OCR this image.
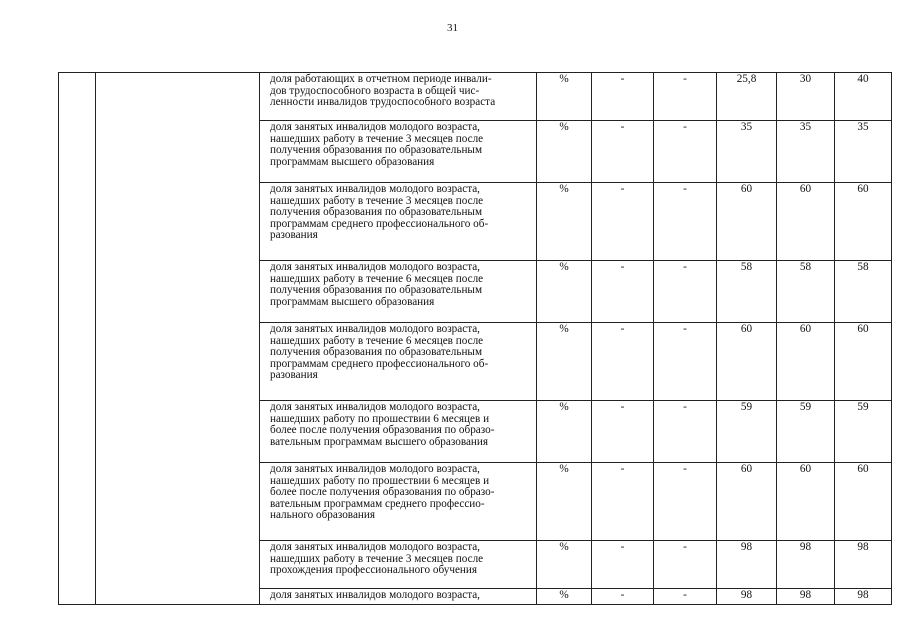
31
		доля работающих в отчетном периоде инвали-
дов трудоспособного возраста в общей чис-
ленности инвалидов трудоспособного возраста	%	-	-	25,8	30	40
		доля занятых инвалидов молодого возраста,
нашедших работу в течение 3 месяцев после
получения образования по образовательным
программам высшего образования	%	-	-	35	35	35
		доля занятых инвалидов молодого возраста,
нашедших работу в течение 3 месяцев после
получения образования по образовательным
программам среднего профессионального об-
разования	%	-	-	60	60	60
		доля занятых инвалидов молодого возраста,
нашедших работу в течение 6 месяцев после
получения образования по образовательным
программам высшего образования	%	-	-	58	58	58
		доля занятых инвалидов молодого возраста,
нашедших работу в течение 6 месяцев после
получения образования по образовательным
программам среднего профессионального об-
разования	%	-	-	60	60	60
		доля занятых инвалидов молодого возраста,
нашедших работу по прошествии 6 месяцев и
более после получения образования по образо-
вательным программам высшего образования	%	-	-	59	59	59
		доля занятых инвалидов молодого возраста,
нашедших работу по прошествии 6 месяцев и
более после получения образования по образо-
вательным программам среднего профессио-
нального образования	%	-	-	60	60	60
		доля занятых инвалидов молодого возраста,
нашедших работу в течение 3 месяцев после
прохождения профессионального обучения	%	-	-	98	98	98
		доля занятых инвалидов молодого возраста,	%	-	-	98	98	98
